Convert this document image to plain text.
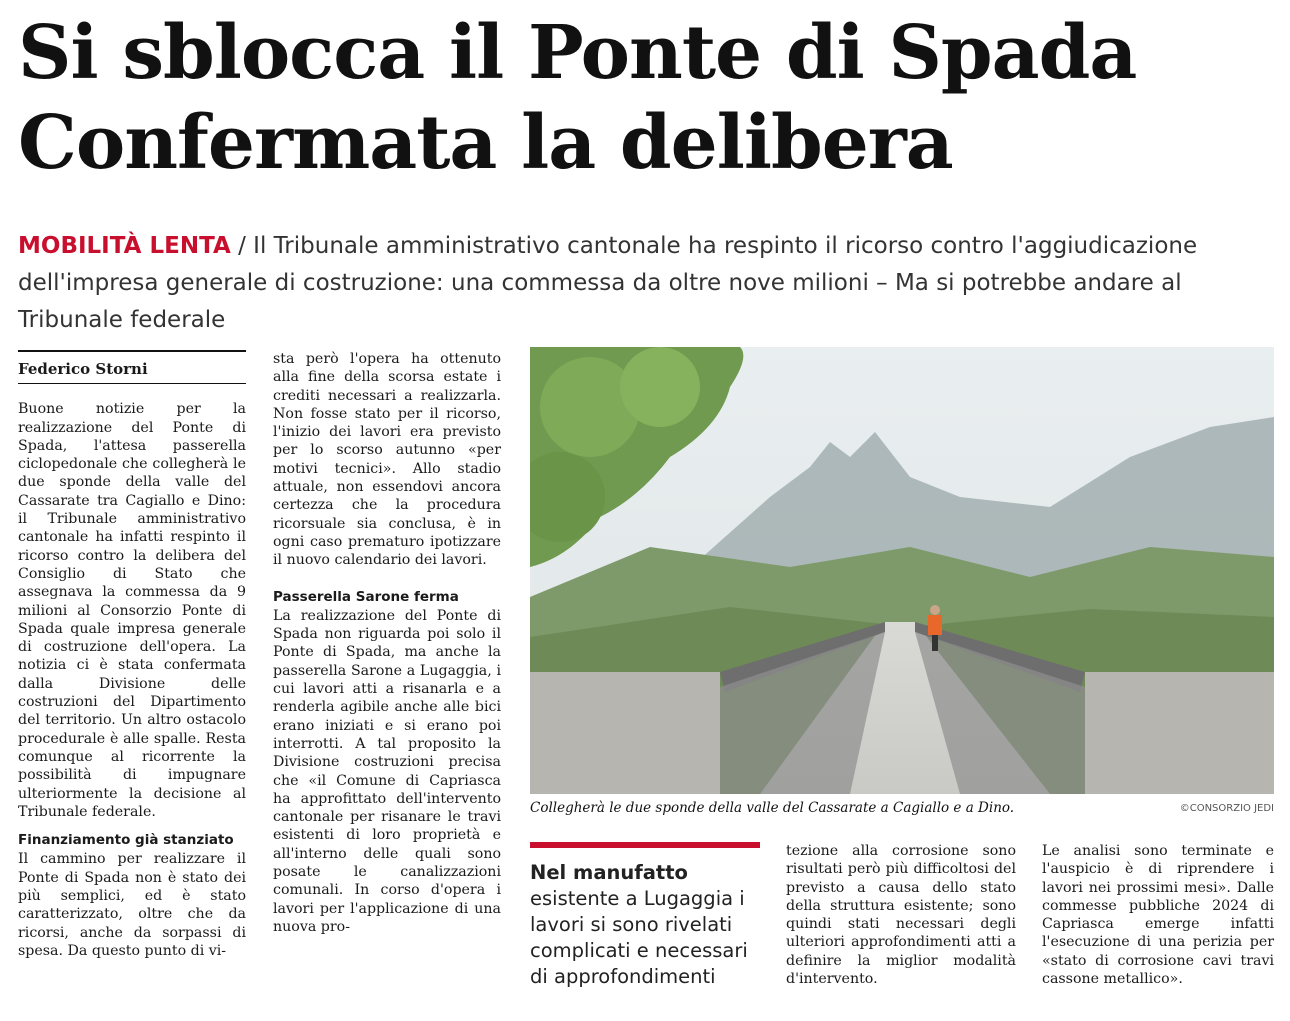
Si sblocca il Ponte di Spada
Confermata la delibera
MOBILITÀ LENTA / Il Tribunale amministrativo cantonale ha respinto il ricorso contro l'aggiudicazione dell'impresa generale di costruzione: una commessa da oltre nove milioni – Ma si potrebbe andare al Tribunale federale
Federico Storni

Buone notizie per la realizzazione del Ponte di Spada, l'attesa passerella ciclopedonale che collegherà le due sponde della valle del Cassarate tra Cagiallo e Dino: il Tribunale amministrativo cantonale ha infatti respinto il ricorso contro la delibera del Consiglio di Stato che assegnava la commessa da 9 milioni al Consorzio Ponte di Spada quale impresa generale di costruzione dell'opera. La notizia ci è stata confermata dalla Divisione delle costruzioni del Dipartimento del territorio. Un altro ostacolo procedurale è alle spalle. Resta comunque al ricorrente la possibilità di impugnare ulteriormente la decisione al Tribunale federale.

Finanziamento già stanziato

Il cammino per realizzare il Ponte di Spada non è stato dei più semplici, ed è stato caratterizzato, oltre che da ricorsi, anche da sorpassi di spesa. Da questo punto di vi-

sta però l'opera ha ottenuto alla fine della scorsa estate i crediti necessari a realizzarla. Non fosse stato per il ricorso, l'inizio dei lavori era previsto per lo scorso autunno «per motivi tecnici». Allo stadio attuale, non essendovi ancora certezza che la procedura ricorsuale sia conclusa, è in ogni caso prematuro ipotizzare il nuovo calendario dei lavori.

Passerella Sarone ferma

La realizzazione del Ponte di Spada non riguarda poi solo il Ponte di Spada, ma anche la passerella Sarone a Lugaggia, i cui lavori atti a risanarla e a renderla agibile anche alle bici erano iniziati e si erano poi interrotti. A tal proposito la Divisione costruzioni precisa che «il Comune di Capriasca ha approfittato dell'intervento cantonale per risanare le travi esistenti di loro proprietà e all'interno delle quali sono posate le canalizzazioni comunali. In corso d'opera i lavori per l'applicazione di una nuova pro-

Collegherà le due sponde della valle del Cassarate a Cagiallo e a Dino.	©CONSORZIO JEDI
Nel manufatto
esistente a Lugaggia i lavori si sono rivelati complicati e necessari di approfondimenti

tezione alla corrosione sono risultati però più difficoltosi del previsto a causa dello stato della struttura esistente; sono quindi stati necessari degli ulteriori approfondimenti atti a definire la miglior modalità d'intervento.

Le analisi sono terminate e l'auspicio è di riprendere i lavori nei prossimi mesi». Dalle commesse pubbliche 2024 di Capriasca emerge infatti l'esecuzione di una perizia per «stato di corrosione cavi travi cassone metallico».
